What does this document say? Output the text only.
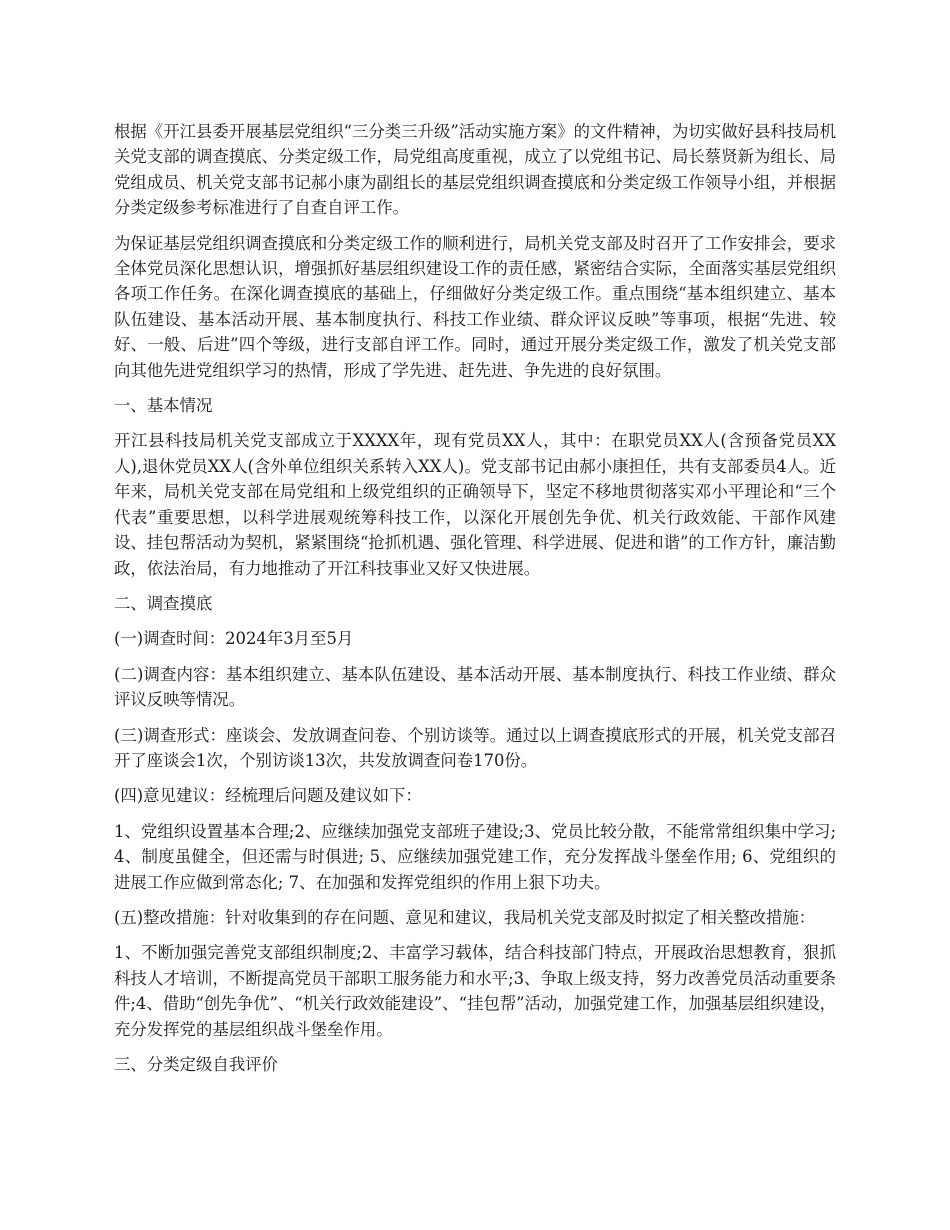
根据《开江县委开展基层党组织“三分类三升级”活动实施方案》的文件精神，为切实做好县科技局机关党支部的调查摸底、分类定级工作，局党组高度重视，成立了以党组书记、局长蔡贤新为组长、局党组成员、机关党支部书记郝小康为副组长的基层党组织调查摸底和分类定级工作领导小组，并根据分类定级参考标准进行了自查自评工作。

为保证基层党组织调查摸底和分类定级工作的顺利进行，局机关党支部及时召开了工作安排会，要求全体党员深化思想认识，增强抓好基层组织建设工作的责任感，紧密结合实际，全面落实基层党组织各项工作任务。在深化调查摸底的基础上，仔细做好分类定级工作。重点围绕“基本组织建立、基本队伍建设、基本活动开展、基本制度执行、科技工作业绩、群众评议反映”等事项，根据“先进、较好、一般、后进”四个等级，进行支部自评工作。同时，通过开展分类定级工作，激发了机关党支部向其他先进党组织学习的热情，形成了学先进、赶先进、争先进的良好氛围。

一、基本情况

开江县科技局机关党支部成立于XXXX年，现有党员XX人，其中：在职党员XX人(含预备党员XX人),退休党员XX人(含外单位组织关系转入XX人)。党支部书记由郝小康担任，共有支部委员4人。近年来，局机关党支部在局党组和上级党组织的正确领导下，坚定不移地贯彻落实邓小平理论和“三个代表”重要思想，以科学进展观统筹科技工作，以深化开展创先争优、机关行政效能、干部作风建设、挂包帮活动为契机，紧紧围绕“抢抓机遇、强化管理、科学进展、促进和谐”的工作方针，廉洁勤政，依法治局，有力地推动了开江科技事业又好又快进展。

二、调查摸底

(一)调查时间：2024年3月至5月

(二)调查内容：基本组织建立、基本队伍建设、基本活动开展、基本制度执行、科技工作业绩、群众评议反映等情况。

(三)调查形式：座谈会、发放调查问卷、个别访谈等。通过以上调查摸底形式的开展，机关党支部召开了座谈会1次，个别访谈13次，共发放调查问卷170份。

(四)意见建议：经梳理后问题及建议如下：

1、党组织设置基本合理;2、应继续加强党支部班子建设;3、党员比较分散，不能常常组织集中学习; 4、制度虽健全，但还需与时俱进; 5、应继续加强党建工作，充分发挥战斗堡垒作用; 6、党组织的进展工作应做到常态化; 7、在加强和发挥党组织的作用上狠下功夫。

(五)整改措施：针对收集到的存在问题、意见和建议，我局机关党支部及时拟定了相关整改措施：

1、不断加强完善党支部组织制度;2、丰富学习载体，结合科技部门特点，开展政治思想教育，狠抓科技人才培训，不断提高党员干部职工服务能力和水平;3、争取上级支持，努力改善党员活动重要条件;4、借助“创先争优”、“机关行政效能建设”、“挂包帮”活动，加强党建工作，加强基层组织建设，充分发挥党的基层组织战斗堡垒作用。

三、分类定级自我评价
